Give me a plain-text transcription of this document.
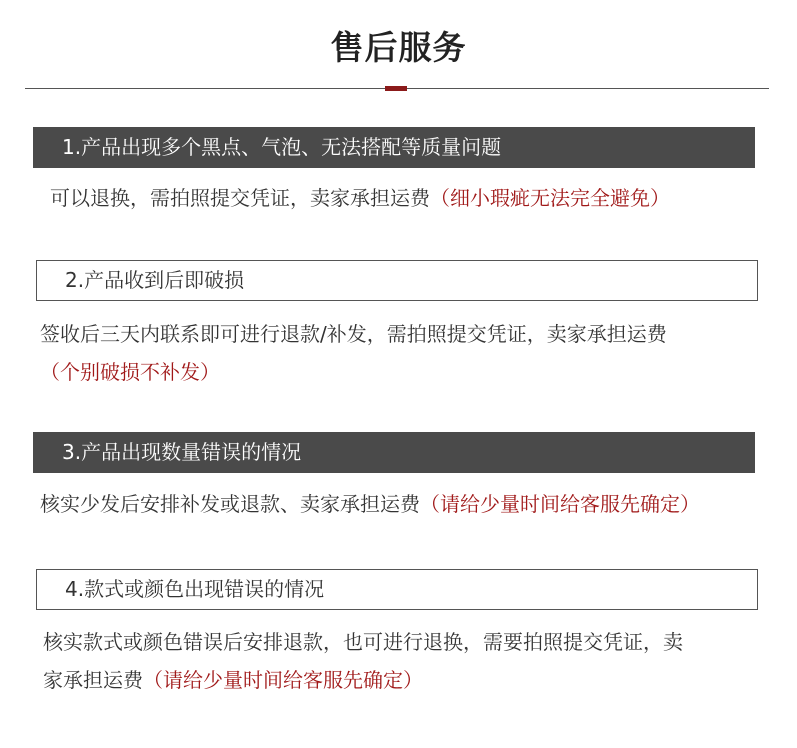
售后服务
1.产品出现多个黑点、气泡、无法搭配等质量问题
可以退换，需拍照提交凭证，卖家承担运费（细小瑕疵无法完全避免）
2.产品收到后即破损
签收后三天内联系即可进行退款/补发，需拍照提交凭证，卖家承担运费
（个别破损不补发）
3.产品出现数量错误的情况
核实少发后安排补发或退款、卖家承担运费（请给少量时间给客服先确定）
4.款式或颜色出现错误的情况
核实款式或颜色错误后安排退款，也可进行退换，需要拍照提交凭证，卖
家承担运费（请给少量时间给客服先确定）
